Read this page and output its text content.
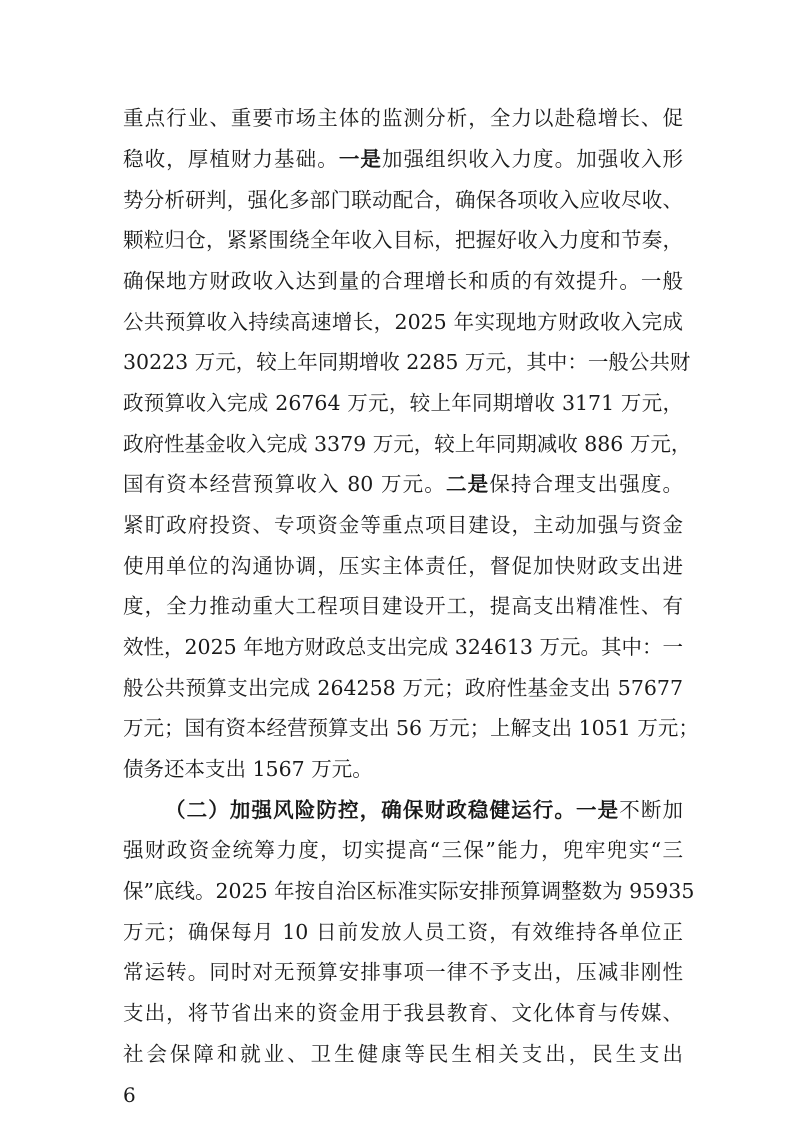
重点行业、重要市场主体的监测分析，全力以赴稳增长、促
稳收，厚植财力基础。一是加强组织收入力度。加强收入形
势分析研判，强化多部门联动配合，确保各项收入应收尽收、
颗粒归仓，紧紧围绕全年收入目标，把握好收入力度和节奏，
确保地方财政收入达到量的合理增长和质的有效提升。一般
公共预算收入持续高速增长，2025 年实现地方财政收入完成
30223 万元，较上年同期增收 2285 万元，其中：一般公共财
政预算收入完成 26764 万元，较上年同期增收 3171 万元，
政府性基金收入完成 3379 万元，较上年同期减收 886 万元，
国有资本经营预算收入 80 万元。二是保持合理支出强度。
紧盯政府投资、专项资金等重点项目建设，主动加强与资金
使用单位的沟通协调，压实主体责任，督促加快财政支出进
度，全力推动重大工程项目建设开工，提高支出精准性、有
效性，2025 年地方财政总支出完成 324613 万元。其中：一
般公共预算支出完成 264258 万元；政府性基金支出 57677
万元；国有资本经营预算支出 56 万元；上解支出 1051 万元；
债务还本支出 1567 万元。
（二）加强风险防控，确保财政稳健运行。一是不断加
强财政资金统筹力度，切实提高“三保”能力，兜牢兜实“三
保”底线。2025 年按自治区标准实际安排预算调整数为 95935
万元；确保每月 10 日前发放人员工资，有效维持各单位正
常运转。同时对无预算安排事项一律不予支出，压减非刚性
支出，将节省出来的资金用于我县教育、文化体育与传媒、
社会保障和就业、卫生健康等民生相关支出，民生支出
6
